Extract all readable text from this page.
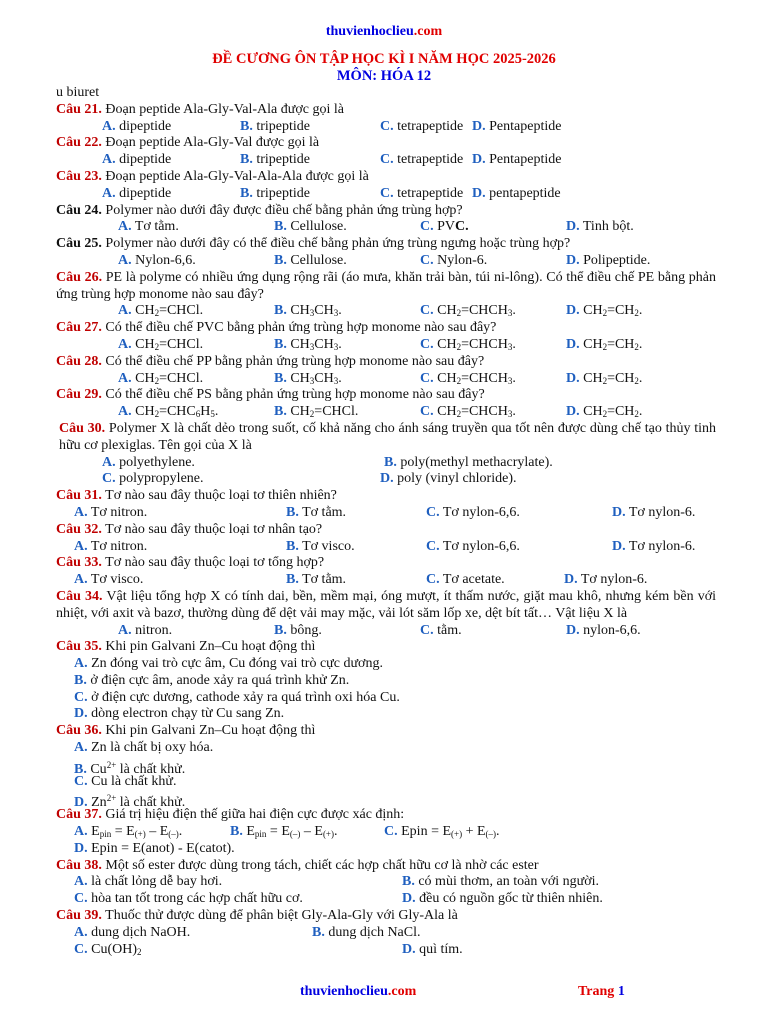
thuvienhoclieu.com
ĐỀ CƯƠNG ÔN TẬP HỌC KÌ I NĂM HỌC 2025-2026
MÔN: HÓA 12
u biuret
Câu 21. Đoạn peptide Ala-Gly-Val-Ala được gọi là
A. dipeptide	B. tripeptide	C. tetrapeptide D. Pentapeptide
Câu 22. Đoạn peptide Ala-Gly-Val được gọi là
A. dipeptide	B. tripeptide	C. tetrapeptide D. Pentapeptide
Câu 23. Đoạn peptide Ala-Gly-Val-Ala-Ala được gọi là
A. dipeptide	B. tripeptide	C. tetrapeptide D. pentapeptide
Câu 24. Polymer nào dưới đây được điều chế bằng phản ứng trùng hợp?
A. Tơ tằm.	B. Cellulose.	C. PVC.	D. Tinh bột.
Câu 25. Polymer nào dưới đây có thể điều chế bằng phản ứng trùng ngưng hoặc trùng hợp?
A. Nylon-6,6.	B. Cellulose.	C. Nylon-6.	D. Polipeptide.
Câu 26. PE là polyme có nhiều ứng dụng rộng rãi (áo mưa, khăn trải bàn, túi ni-lông). Có thể điều chế PE bằng phản ứng trùng hợp monome nào sau đây?
A. $CH_2=CHCl$.	B. $CH_3CH_3$.	C. $CH_2=CHCH_3$.	D. $CH_2=CH_2$.
Câu 27. Có thể điều chế PVC bằng phản ứng trùng hợp monome nào sau đây?
A. $CH_2=CHCl$.	B. $CH_3CH_3$.	C. $CH_2=CHCH_3$.	D. $CH_2=CH_2$.
Câu 28. Có thể điều chế PP bằng phản ứng trùng hợp monome nào sau đây?
A. $CH_2=CHCl$.	B. $CH_3CH_3$.	C. $CH_2=CHCH_3$.	D. $CH_2=CH_2$.
Câu 29. Có thể điều chế PS bằng phản ứng trùng hợp monome nào sau đây?
A. $CH_2=CHC_6H_5$.	B. $CH_2=CHCl$.	C. $CH_2=CHCH_3$.	D. $CH_2=CH_2$.
Câu 30. Polymer X là chất dẻo trong suốt, cố khả năng cho ánh sáng truyền qua tốt nên được dùng chế tạo thủy tinh hữu cơ plexiglas. Tên gọi của X là
A. polyethylene.	B. poly(methyl methacrylate).
C. polypropylene.	D. poly (vinyl chloride).
Câu 31. Tơ nào sau đây thuộc loại tơ thiên nhiên?
A. Tơ nitron.	B. Tơ tằm.	C. Tơ nylon-6,6.	D. Tơ nylon-6.
Câu 32. Tơ nào sau đây thuộc loại tơ nhân tạo?
A. Tơ nitron.	B. Tơ visco.	C. Tơ nylon-6,6.	D. Tơ nylon-6.
Câu 33. Tơ nào sau đây thuộc loại tơ tổng hợp?
A. Tơ visco.	B. Tơ tằm.	C. Tơ acetate.	D. Tơ nylon-6.
Câu 34. Vật liệu tổng hợp X có tính dai, bền, mềm mại, óng mượt, ít thấm nước, giặt mau khô, nhưng kém bền với nhiệt, với axit và bazơ, thường dùng để dệt vải may mặc, vải lót săm lốp xe, dệt bít tất… Vật liệu X là
A. nitron.	B. bông.	C. tằm.	D. nylon-6,6.
Câu 35. Khi pin Galvani Zn–Cu hoạt động thì
A. Zn đóng vai trò cực âm, Cu đóng vai trò cực dương.
B. ở điện cực âm, anode xảy ra quá trình khử Zn.
C. ở điện cực dương, cathode xảy ra quá trình oxi hóa Cu.
D. dòng electron chạy từ Cu sang Zn.
Câu 36. Khi pin Galvani Zn–Cu hoạt động thì
A. Zn là chất bị oxy hóa.
B. $Cu^{2+}$ là chất khử.
C. Cu là chất khử.
D. $Zn^{2+}$ là chất khử.
Câu 37. Giá trị hiệu điện thế giữa hai điện cực được xác định:
A. $E_{pin} = E_{(+)} - E_{(-)}$.	B. $E_{pin} = E_{(-)} - E_{(+)}$.	C. Epin = $E_{(+)} + E_{(-)}$.
D. Epin = E(anot) - E(catot).
Câu 38. Một số ester được dùng trong tách, chiết các hợp chất hữu cơ là nhờ các ester
A. là chất lỏng dễ bay hơi.	B. có mùi thơm, an toàn với người.
C. hòa tan tốt trong các hợp chất hữu cơ.	D. đều có nguồn gốc từ thiên nhiên.
Câu 39. Thuốc thử được dùng để phân biệt Gly-Ala-Gly với Gly-Ala là
A. dung dịch NaOH.	B. dung dịch NaCl.
C. $Cu(OH)_2$	D. quì tím.
thuvienhoclieu.com	Trang 1
